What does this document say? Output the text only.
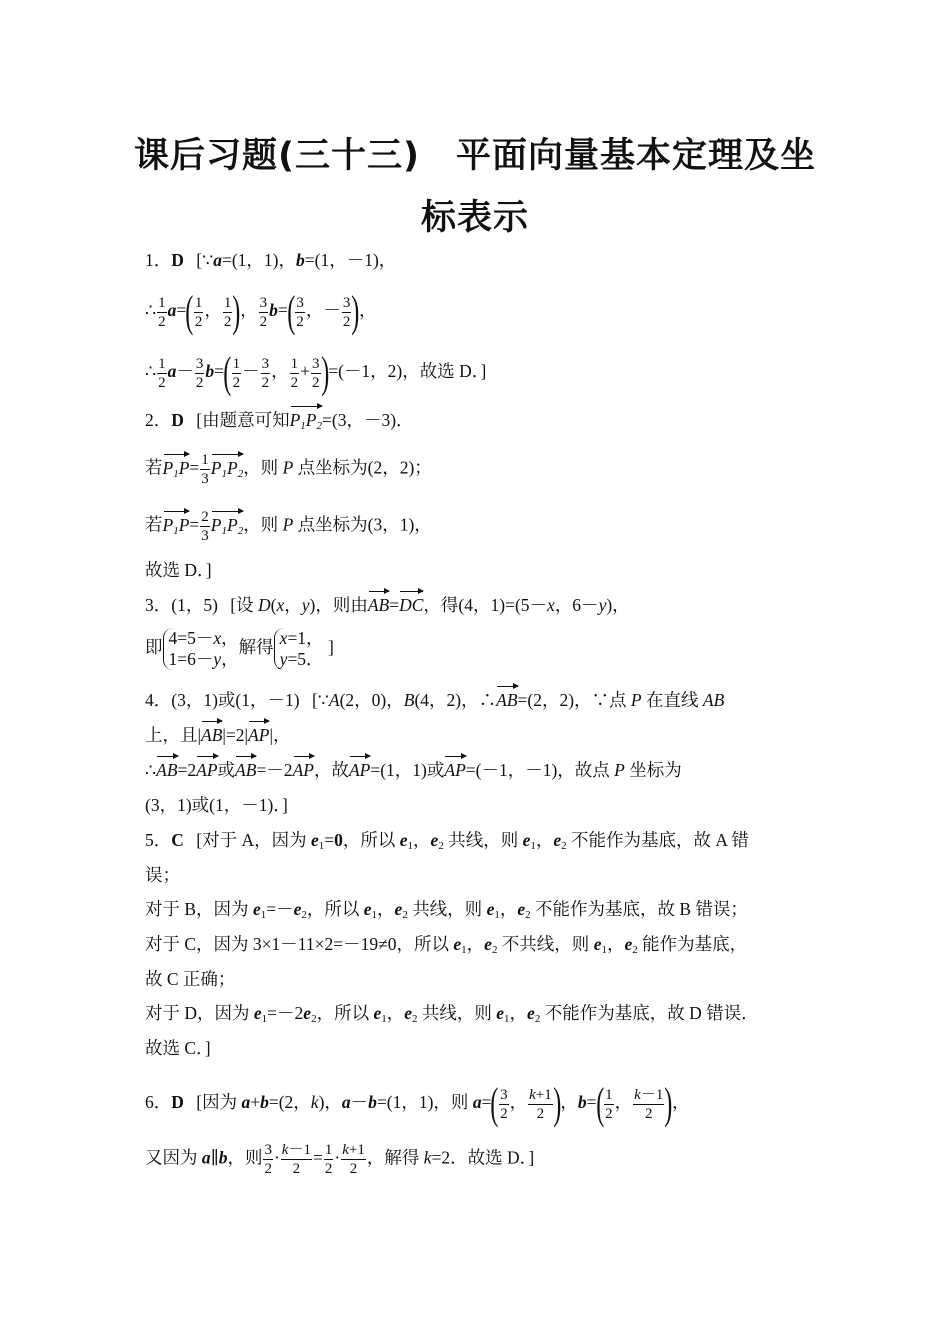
课后习题(三十三)　平面向量基本定理及坐
标表示
1．D [∵a=(1，1)，b=(1，－1)，
∴ $\frac{1}{2} a=( \frac{1}{2}$ ， $\frac{1}{2}$ )， $\frac{3}{2} b=( \frac{3}{2}$ ，－ $\frac{3}{2}$ )，
∴ $\frac{1}{2} a- \frac{3}{2} b=( \frac{1}{2} - \frac{3}{2}$ ， $\frac{1}{2} + \frac{3}{2} )=(-1$，2)，故选 D．]
2．D [由题意可知$P_1P_2=(3$，－3)．
若$P_1P= \frac{1}{3} P_1P_2$，则 P 点坐标为(2，2)；
若$P_1P= \frac{2}{3} P_1P_2$，则 P 点坐标为(3，1)，
故选 D．]
3．(1，5) [设 D(x，y)，则由AB=DC，得(4，1)=(5－x，6－y)，
即 4=5－x，
1=6－y，解得 x=1，
y=5． ]
4．(3，1)或(1，－1) [∵A(2，0)，B(4，2)，∴AB=(2，2)，∵点 P 在直线 AB
上，且|AB|=2|AP|，
∴AB=2AP或AB=－2AP，故AP=(1，1)或AP=(－1，－1)，故点 P 坐标为
(3，1)或(1，－1)．]
5．C [对于 A，因为 $e_1=0$，所以 $e_1$，$e_2$ 共线，则 $e_1$，$e_2$ 不能作为基底，故 A 错
误；
对于 B，因为 $e_1=-e_2$，所以 $e_1$，$e_2$ 共线，则 $e_1$，$e_2$ 不能作为基底，故 B 错误；
对于 C，因为 3×1－11×2=－19≠0，所以 $e_1$，$e_2$ 不共线，则 $e_1$，$e_2$ 能作为基底，
故 C 正确；
对于 D，因为 $e_1=-2e_2$，所以 $e_1$，$e_2$ 共线，则 $e_1$，$e_2$ 不能作为基底，故 D 错误．
故选 C．]
6．D [因为 a+b=(2，k)，a－b=(1，1)，则 $a=( \frac{3}{2}$ ， $\frac{k+1}{2}$ )，$b=( \frac{1}{2}$ ， $\frac{k-1}{2}$ )，
又因为 a∥b，则 $\frac{3}{2} \cdot \frac{k-1}{2} = \frac{1}{2} \cdot \frac{k+1}{2}$ ，解得 k=2．故选 D．]
